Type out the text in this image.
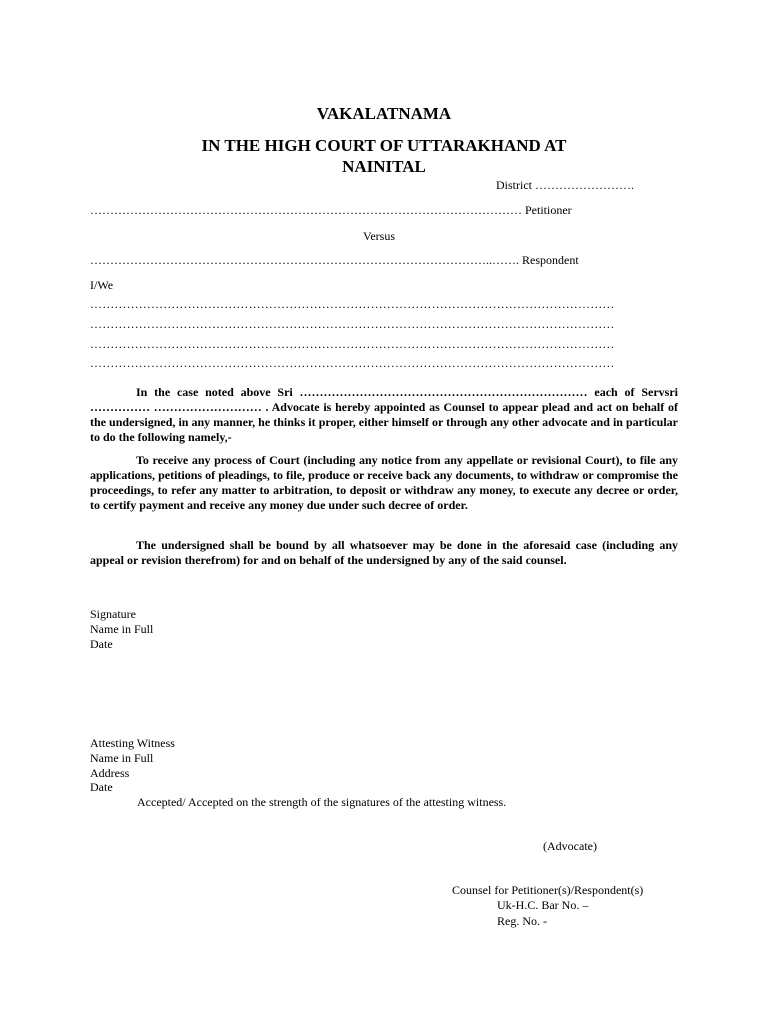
VAKALATNAMA
IN THE HIGH COURT OF UTTARAKHAND AT
NAINITAL
District …………………….
……………………………………………………………………………………………… Petitioner
Versus
………………………………………………………………………………………..……. Respondent
I/We
…………………………………………………………………………………………………………………
…………………………………………………………………………………………………………………
…………………………………………………………………………………………………………………
…………………………………………………………………………………………………………………

In the case noted above Sri ……………………………………………………………… each of Servsri …………… ……………………… . Advocate is hereby appointed as Counsel to appear plead and act on behalf of the undersigned, in any manner, he thinks it proper, either himself or through any other advocate and in particular to do the following namely,-

To receive any process of Court (including any notice from any appellate or revisional Court), to file any applications, petitions of pleadings, to file, produce or receive back any documents, to withdraw or compromise the proceedings, to refer any matter to arbitration, to deposit or withdraw any money, to execute any decree or order, to certify payment and receive any money due under such decree of order.

The undersigned shall be bound by all whatsoever may be done in the aforesaid case (including any appeal or revision therefrom) for and on behalf of the undersigned by any of the said counsel.

Signature
Name in Full
Date
Attesting Witness
Name in Full
Address
Date
Accepted/ Accepted on the strength of the signatures of the attesting witness.
(Advocate)
Counsel for Petitioner(s)/Respondent(s)
Uk-H.C. Bar No. –
Reg. No. -
